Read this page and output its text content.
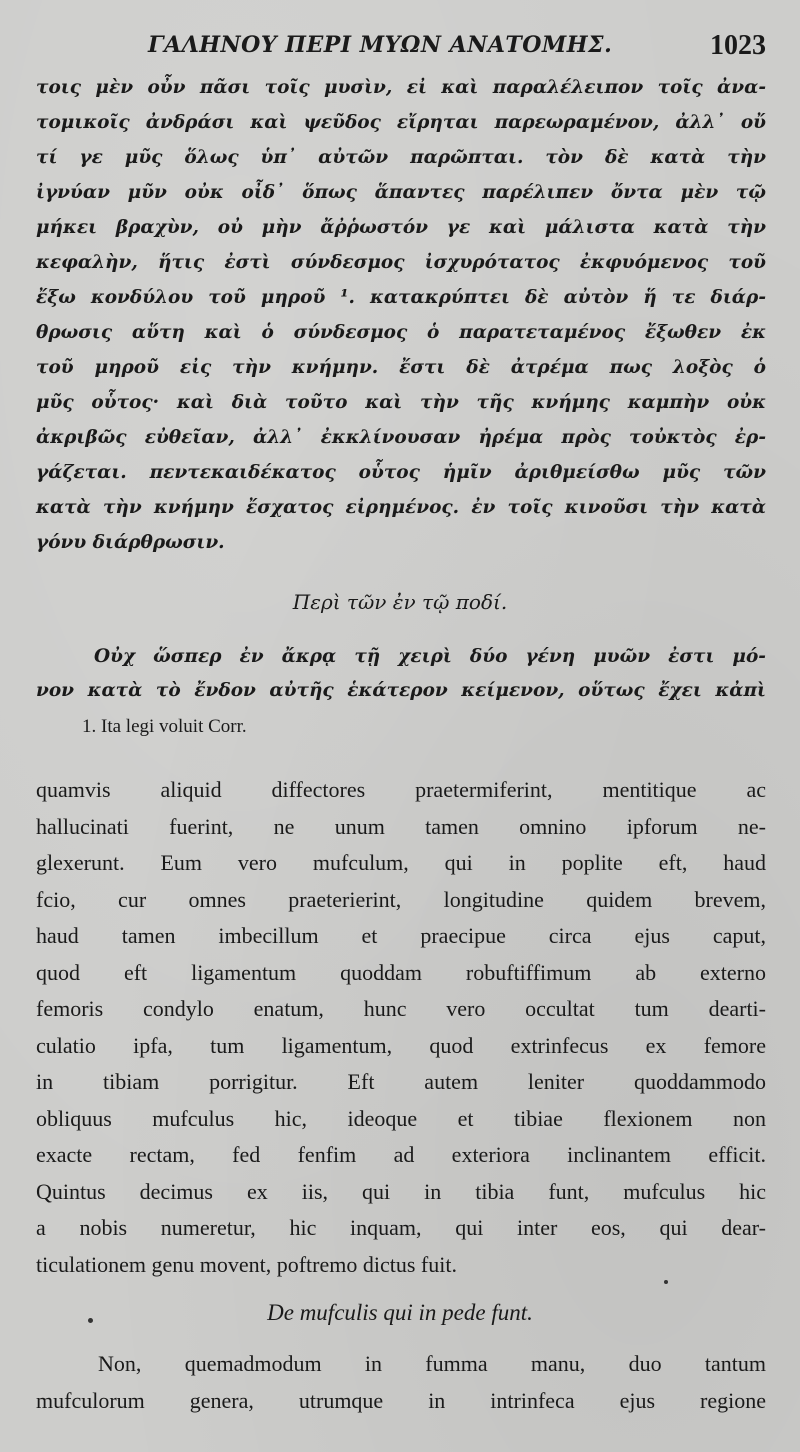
ΓΑΛΗΝΟΥ ΠΕΡΙ ΜΥΩΝ ΑΝΑΤΟΜΗΣ.	1023
τοις μὲν οὖν πᾶσι τοῖς μυσὶν, εἰ καὶ παραλέλειπον τοῖς ἀνα-
τομικοῖς ἀνδράσι καὶ ψεῦδος εἴρηται παρεωραμένον, ἀλλ᾽ οὔ
τί γε μῦς ὅλως ὑπ᾽ αὐτῶν παρῶπται. τὸν δὲ κατὰ τὴν
ἰγνύαν μῦν οὐκ οἶδ᾽ ὅπως ἅπαντες παρέλιπεν ὄντα μὲν τῷ
μήκει βραχὺν, οὐ μὴν ἄῤῥωστόν γε καὶ μάλιστα κατὰ τὴν
κεφαλὴν, ἥτις ἐστὶ σύνδεσμος ἰσχυρότατος ἐκφυόμενος τοῦ
ἔξω κονδύλου τοῦ μηροῦ ¹. κατακρύπτει δὲ αὐτὸν ἥ τε διάρ-
θρωσις αὕτη καὶ ὁ σύνδεσμος ὁ παρατεταμένος ἔξωθεν ἐκ
τοῦ μηροῦ εἰς τὴν κνήμην. ἔστι δὲ ἀτρέμα πως λοξὸς ὁ
μῦς οὗτος· καὶ διὰ τοῦτο καὶ τὴν τῆς κνήμης καμπὴν οὐκ
ἀκριβῶς εὐθεῖαν, ἀλλ᾽ ἐκκλίνουσαν ἠρέμα πρὸς τοὐκτὸς ἐρ-
γάζεται. πεντεκαιδέκατος οὗτος ἡμῖν ἀριθμείσθω μῦς τῶν
κατὰ τὴν κνήμην ἔσχατος εἰρημένος. ἐν τοῖς κινοῦσι τὴν κατὰ
γόνυ διάρθρωσιν.
Περὶ τῶν ἐν τῷ ποδί.
Οὐχ ὥσπερ ἐν ἄκρᾳ τῇ χειρὶ δύο γένη μυῶν ἐστι μό-
νον κατὰ τὸ ἔνδον αὐτῆς ἑκάτερον κείμενον, οὕτως ἔχει κἀπὶ
1. Ita legi voluit Corr.
quamvis aliquid diffectores praetermiferint, mentitique ac
hallucinati fuerint, ne unum tamen omnino ipforum ne-
glexerunt. Eum vero mufculum, qui in poplite eft, haud
fcio, cur omnes praeterierint, longitudine quidem brevem,
haud tamen imbecillum et praecipue circa ejus caput,
quod eft ligamentum quoddam robuftiffimum ab externo
femoris condylo enatum, hunc vero occultat tum dearti-
culatio ipfa, tum ligamentum, quod extrinfecus ex femore
in tibiam porrigitur. Eft autem leniter quoddammodo
obliquus mufculus hic, ideoque et tibiae flexionem non
exacte rectam, fed fenfim ad exteriora inclinantem efficit.
Quintus decimus ex iis, qui in tibia funt, mufculus hic
a nobis numeretur, hic inquam, qui inter eos, qui dear-
ticulationem genu movent, poftremo dictus fuit.
De mufculis qui in pede funt.
Non, quemadmodum in fumma manu, duo tantum
mufculorum genera, utrumque in intrinfeca ejus regione
